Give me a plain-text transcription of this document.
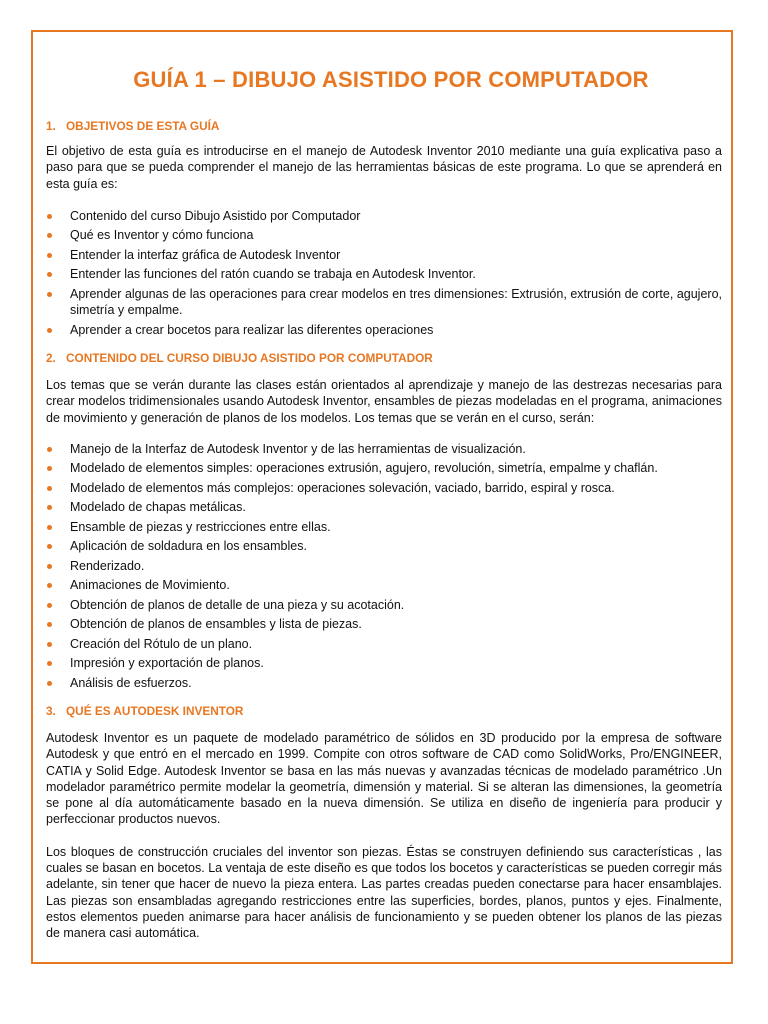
GUÍA 1 – DIBUJO ASISTIDO POR COMPUTADOR
1. OBJETIVOS DE ESTA GUÍA

El objetivo de esta guía es introducirse en el manejo de Autodesk Inventor 2010 mediante una guía explicativa paso a paso para que se pueda comprender el manejo de las herramientas básicas de este programa. Lo que se aprenderá en esta guía es:

Contenido del curso Dibujo Asistido por Computador
Qué es Inventor y cómo funciona
Entender la interfaz gráfica de Autodesk Inventor
Entender las funciones del ratón cuando se trabaja en Autodesk Inventor.
Aprender algunas de las operaciones para crear modelos en tres dimensiones: Extrusión, extrusión de corte, agujero, simetría y empalme.
Aprender a crear bocetos para realizar las diferentes operaciones
2. CONTENIDO DEL CURSO DIBUJO ASISTIDO POR COMPUTADOR

Los temas que se verán durante las clases están orientados al aprendizaje y manejo de las destrezas necesarias para crear modelos tridimensionales usando Autodesk Inventor, ensambles de piezas modeladas en el programa, animaciones de movimiento y generación de planos de los modelos. Los temas que se verán en el curso, serán:

Manejo de la Interfaz de Autodesk Inventor y de las herramientas de visualización.
Modelado de elementos simples: operaciones extrusión, agujero, revolución, simetría, empalme y chaflán.
Modelado de elementos más complejos: operaciones solevación, vaciado, barrido, espiral y rosca.
Modelado de chapas metálicas.
Ensamble de piezas y restricciones entre ellas.
Aplicación de soldadura en los ensambles.
Renderizado.
Animaciones de Movimiento.
Obtención de planos de detalle de una pieza y su acotación.
Obtención de planos de ensambles y lista de piezas.
Creación del Rótulo de un plano.
Impresión y exportación de planos.
Análisis de esfuerzos.
3. QUÉ ES AUTODESK INVENTOR

Autodesk Inventor es un paquete de modelado paramétrico de sólidos en 3D producido por la empresa de software Autodesk y que entró en el mercado en 1999. Compite con otros software de CAD como SolidWorks, Pro/ENGINEER, CATIA y Solid Edge. Autodesk Inventor se basa en las más nuevas y avanzadas técnicas de modelado paramétrico .Un modelador paramétrico permite modelar la geometría, dimensión y material. Si se alteran las dimensiones, la geometría se pone al día automáticamente basado en la nueva dimensión. Se utiliza en diseño de ingeniería para producir y perfeccionar productos nuevos.

Los bloques de construcción cruciales del inventor son piezas. Éstas se construyen definiendo sus características , las cuales se basan en bocetos. La ventaja de este diseño es que todos los bocetos y características se pueden corregir más adelante, sin tener que hacer de nuevo la pieza entera. Las partes creadas pueden conectarse para hacer ensamblajes. Las piezas son ensambladas agregando restricciones entre las superficies, bordes, planos, puntos y ejes. Finalmente, estos elementos pueden animarse para hacer análisis de funcionamiento y se pueden obtener los planos de las piezas de manera casi automática.
